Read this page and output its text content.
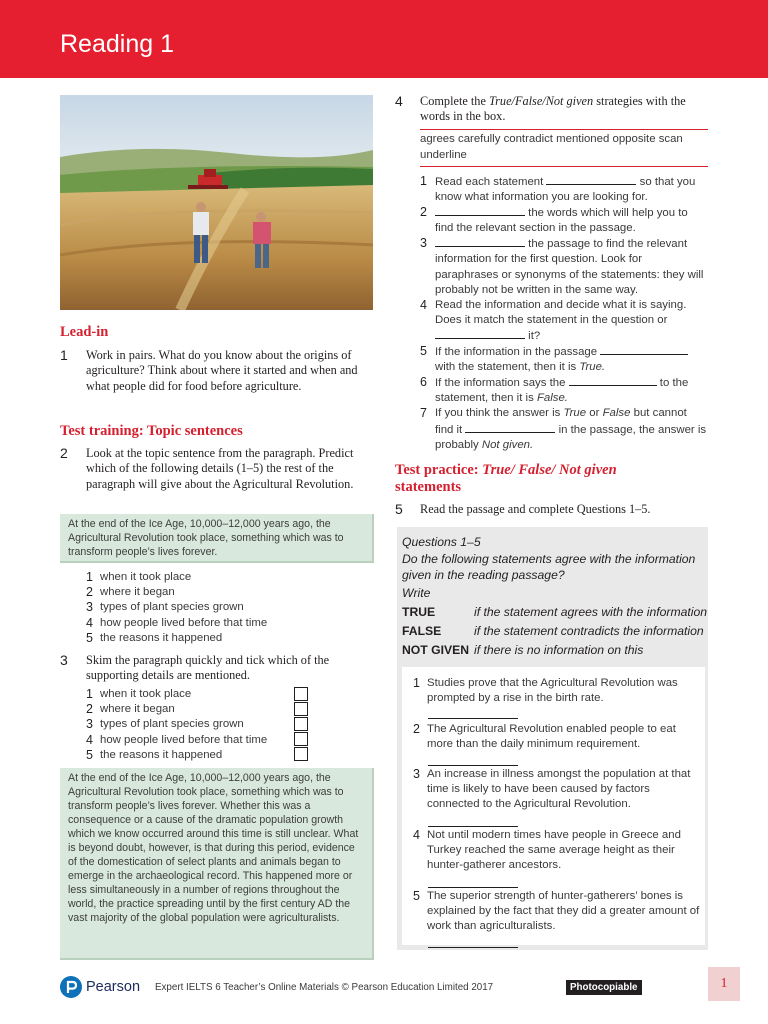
Reading 1
Lead-in
1 Work in pairs. What do you know about the origins of agriculture? Think about where it started and when and what people did for food before agriculture.
Test training: Topic sentences
2 Look at the topic sentence from the paragraph. Predict which of the following details (1–5) the rest of the paragraph will give about the Agricultural Revolution.
At the end of the Ice Age, 10,000–12,000 years ago, the Agricultural Revolution took place, something which was to transform people’s lives forever.
1 when it took place
2 where it began
3 types of plant species grown
4 how people lived before that time
5 the reasons it happened
3 Skim the paragraph quickly and tick which of the supporting details are mentioned.
1 when it took place
2 where it began
3 types of plant species grown
4 how people lived before that time
5 the reasons it happened
At the end of the Ice Age, 10,000–12,000 years ago, the Agricultural Revolution took place, something which was to transform people’s lives forever. Whether this was a consequence or a cause of the dramatic population growth which we know occurred around this time is still unclear. What is beyond doubt, however, is that during this period, evidence of the domestication of select plants and animals began to emerge in the archaeological record. This happened more or less simultaneously in a number of regions throughout the world, the practice spreading until by the first century AD the vast majority of the global population were agriculturalists.
4 Complete the True/False/Not given strategies with the words in the box.
agrees carefully contradict mentioned opposite scan underline
1 Read each statement	so that you know what information you are looking for.
2	the words which will help you to find the relevant section in the passage.
3	the passage to find the relevant information for the first question. Look for paraphrases or synonyms of the statements: they will probably not be written in the same way.
4 Read the information and decide what it is saying. Does it match the statement in the question or  it?
5 If the information in the passage  with the statement, then it is True.
6 If the information says the	to the statement, then it is False.
7 If you think the answer is True or False but cannot find it	in the passage, the answer is probably Not given.
Test practice: True/ False/ Not given
statements
5 Read the passage and complete Questions 1–5.
Questions 1–5
Do the following statements agree with the information given in the reading passage?
Write
TRUE	if the statement agrees with the information
FALSE	if the statement contradicts the information
NOT GIVEN if there is no information on this
1 Studies prove that the Agricultural Revolution was prompted by a rise in the birth rate.
2 The Agricultural Revolution enabled people to eat more than the daily minimum requirement.
3 An increase in illness amongst the population at that time is likely to have been caused by factors connected to the Agricultural Revolution.
4 Not until modern times have people in Greece and Turkey reached the same average height as their hunter-gatherer ancestors.
5 The superior strength of hunter-gatherers’ bones is explained by the fact that they did a greater amount of work than agriculturalists.
Pearson Expert IELTS 6 Teacher’s Online Materials © Pearson Education Limited 2017	Photocopiable	1
